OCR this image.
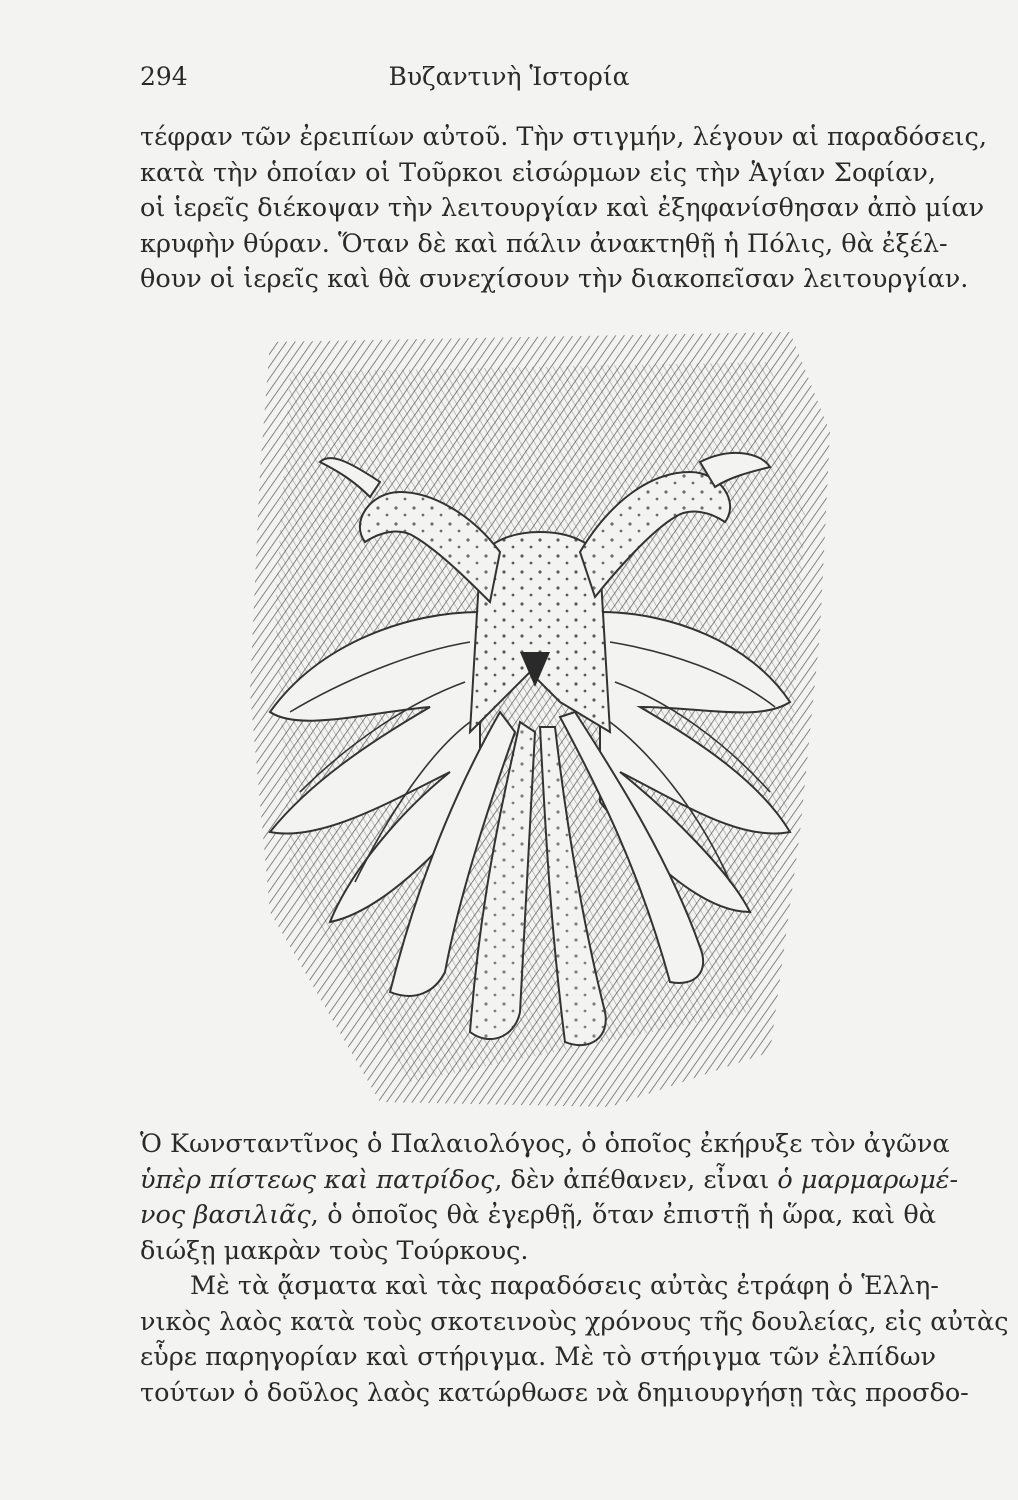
294	Βυζαντινὴ Ἱστορία
τέφραν τῶν ἐρειπίων αὐτοῦ. Τὴν στιγμήν, λέγουν αἱ παραδόσεις,
κατὰ τὴν ὁποίαν οἱ Τοῦρκοι εἰσώρμων εἰς τὴν Ἁγίαν Σοφίαν,
οἱ ἱερεῖς διέκοψαν τὴν λειτουργίαν καὶ ἐξηφανίσθησαν ἀπὸ μίαν
κρυφὴν θύραν. Ὅταν δὲ καὶ πάλιν ἀνακτηθῇ ἡ Πόλις, θὰ ἐξέλ-
θουν οἱ ἱερεῖς καὶ θὰ συνεχίσουν τὴν διακοπεῖσαν λειτουργίαν.
Ὁ Κωνσταντῖνος ὁ Παλαιολόγος, ὁ ὁποῖος ἐκήρυξε τὸν ἀγῶνα
ὑπὲρ πίστεως καὶ πατρίδος, δὲν ἀπέθανεν, εἶναι ὁ μαρμαρωμέ-
νος βασιλιᾶς, ὁ ὁποῖος θὰ ἐγερθῇ, ὅταν ἐπιστῇ ἡ ὥρα, καὶ θὰ
διώξῃ μακρὰν τοὺς Τούρκους.
Μὲ τὰ ᾄσματα καὶ τὰς παραδόσεις αὐτὰς ἐτράφη ὁ Ἑλλη-
νικὸς λαὸς κατὰ τοὺς σκοτεινοὺς χρόνους τῆς δουλείας, εἰς αὐτὰς
εὗρε παρηγορίαν καὶ στήριγμα. Μὲ τὸ στήριγμα τῶν ἐλπίδων
τούτων ὁ δοῦλος λαὸς κατώρθωσε νὰ δημιουργήσῃ τὰς προσδο-
